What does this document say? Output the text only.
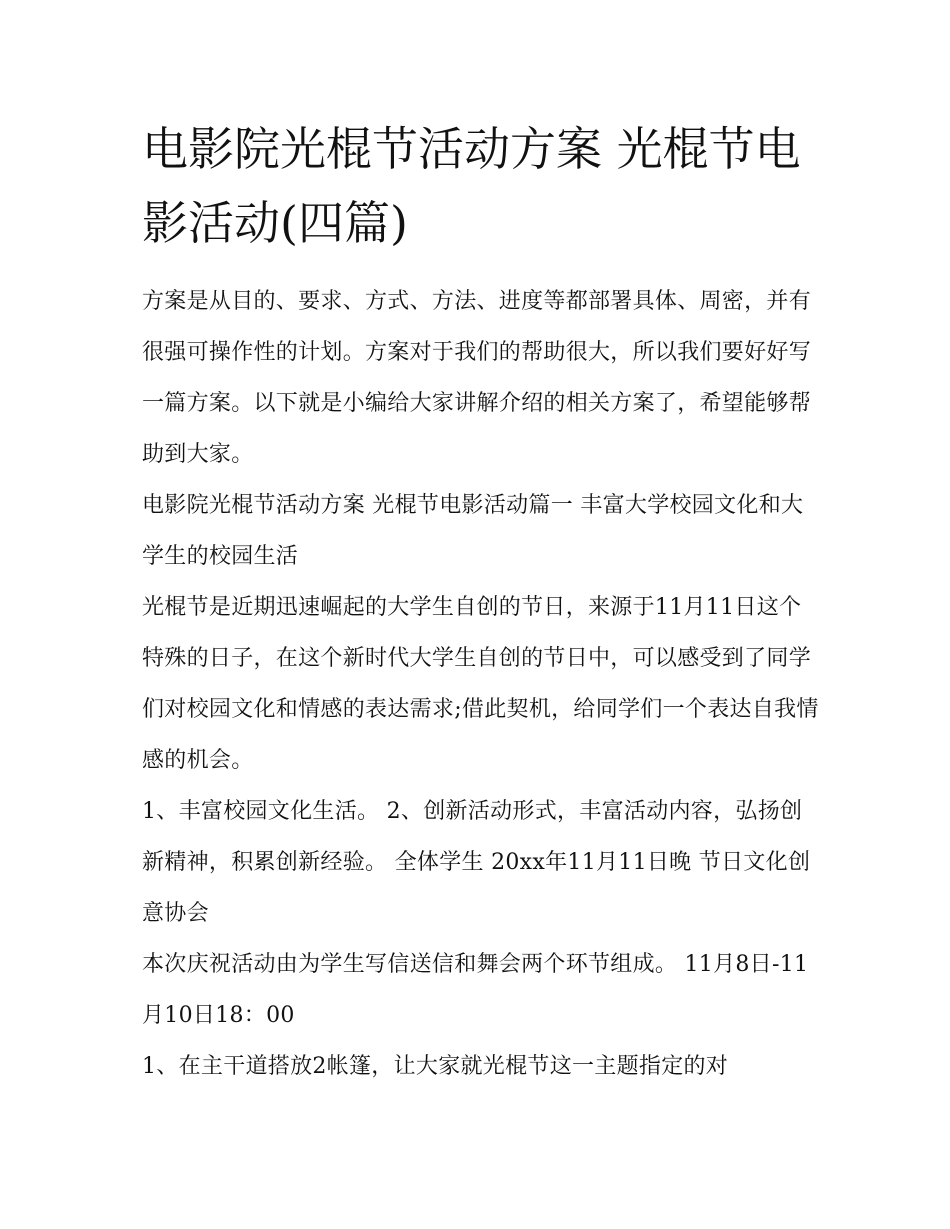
电影院光棍节活动方案 光棍节电影活动(四篇)

方案是从目的、要求、方式、方法、进度等都部署具体、周密，并有很强可操作性的计划。方案对于我们的帮助很大，所以我们要好好写一篇方案。以下就是小编给大家讲解介绍的相关方案了，希望能够帮助到大家。

电影院光棍节活动方案 光棍节电影活动篇一 丰富大学校园文化和大学生的校园生活

光棍节是近期迅速崛起的大学生自创的节日，来源于11月11日这个特殊的日子，在这个新时代大学生自创的节日中，可以感受到了同学们对校园文化和情感的表达需求;借此契机，给同学们一个表达自我情感的机会。

1、丰富校园文化生活。 2、创新活动形式，丰富活动内容，弘扬创新精神，积累创新经验。 全体学生 20xx年11月11日晚 节日文化创意协会

本次庆祝活动由为学生写信送信和舞会两个环节组成。 11月8日-11月10日18：00

1、在主干道搭放2帐篷，让大家就光棍节这一主题指定的对
